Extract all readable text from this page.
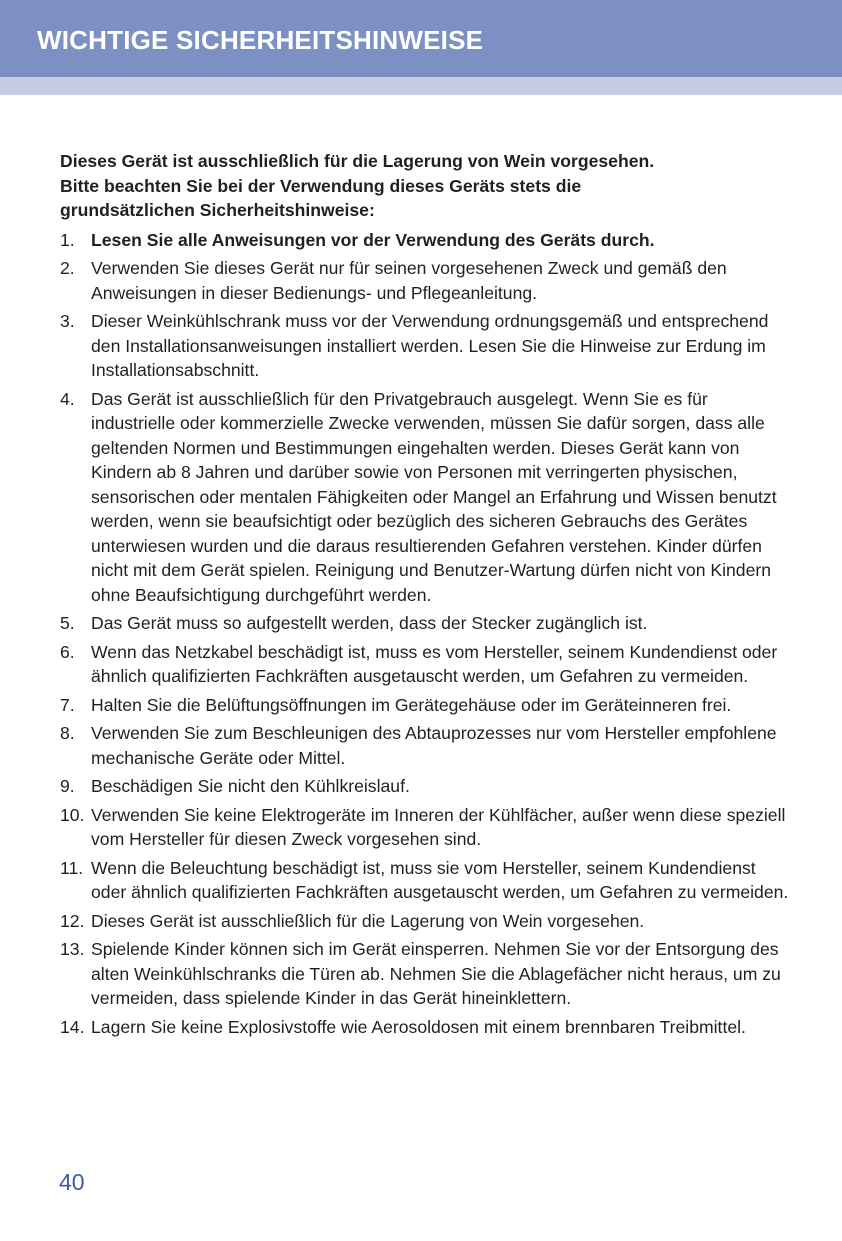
WICHTIGE SICHERHEITSHINWEISE

Dieses Gerät ist ausschließlich für die Lagerung von Wein vorgesehen.

Bitte beachten Sie bei der Verwendung dieses Geräts stets die

grundsätzlichen Sicherheitshinweise:

1. Lesen Sie alle Anweisungen vor der Verwendung des Geräts durch.
2. Verwenden Sie dieses Gerät nur für seinen vorgesehenen Zweck und gemäß den Anweisungen in dieser Bedienungs- und Pflegeanleitung.
3. Dieser Weinkühlschrank muss vor der Verwendung ordnungsgemäß und entsprechend den Installationsanweisungen installiert werden. Lesen Sie die Hinweise zur Erdung im Installationsabschnitt.
4. Das Gerät ist ausschließlich für den Privatgebrauch ausgelegt. Wenn Sie es für industrielle oder kommerzielle Zwecke verwenden, müssen Sie dafür sorgen, dass alle geltenden Normen und Bestimmungen eingehalten werden. Dieses Gerät kann von Kindern ab 8 Jahren und darüber sowie von Personen mit verringerten physischen, sensorischen oder mentalen Fähigkeiten oder Mangel an Erfahrung und Wissen benutzt werden, wenn sie beaufsichtigt oder bezüglich des sicheren Gebrauchs des Gerätes unterwiesen wurden und die daraus resultierenden Gefahren verstehen. Kinder dürfen nicht mit dem Gerät spielen. Reinigung und Benutzer-Wartung dürfen nicht von Kindern ohne Beaufsichtigung durchgeführt werden.
5. Das Gerät muss so aufgestellt werden, dass der Stecker zugänglich ist.
6. Wenn das Netzkabel beschädigt ist, muss es vom Hersteller, seinem Kundendienst oder ähnlich qualifizierten Fachkräften ausgetauscht werden, um Gefahren zu vermeiden.
7. Halten Sie die Belüftungsöffnungen im Gerätegehäuse oder im Geräteinneren frei.
8. Verwenden Sie zum Beschleunigen des Abtauprozesses nur vom Hersteller empfohlene mechanische Geräte oder Mittel.
9. Beschädigen Sie nicht den Kühlkreislauf.
10. Verwenden Sie keine Elektrogeräte im Inneren der Kühlfächer, außer wenn diese speziell vom Hersteller für diesen Zweck vorgesehen sind.
11. Wenn die Beleuchtung beschädigt ist, muss sie vom Hersteller, seinem Kundendienst oder ähnlich qualifizierten Fachkräften ausgetauscht werden, um Gefahren zu vermeiden.
12. Dieses Gerät ist ausschließlich für die Lagerung von Wein vorgesehen.
13. Spielende Kinder können sich im Gerät einsperren. Nehmen Sie vor der Entsorgung des alten Weinkühlschranks die Türen ab. Nehmen Sie die Ablagefächer nicht heraus, um zu vermeiden, dass spielende Kinder in das Gerät hineinklettern.
14. Lagern Sie keine Explosivstoffe wie Aerosoldosen mit einem brennbaren Treibmittel.
40
